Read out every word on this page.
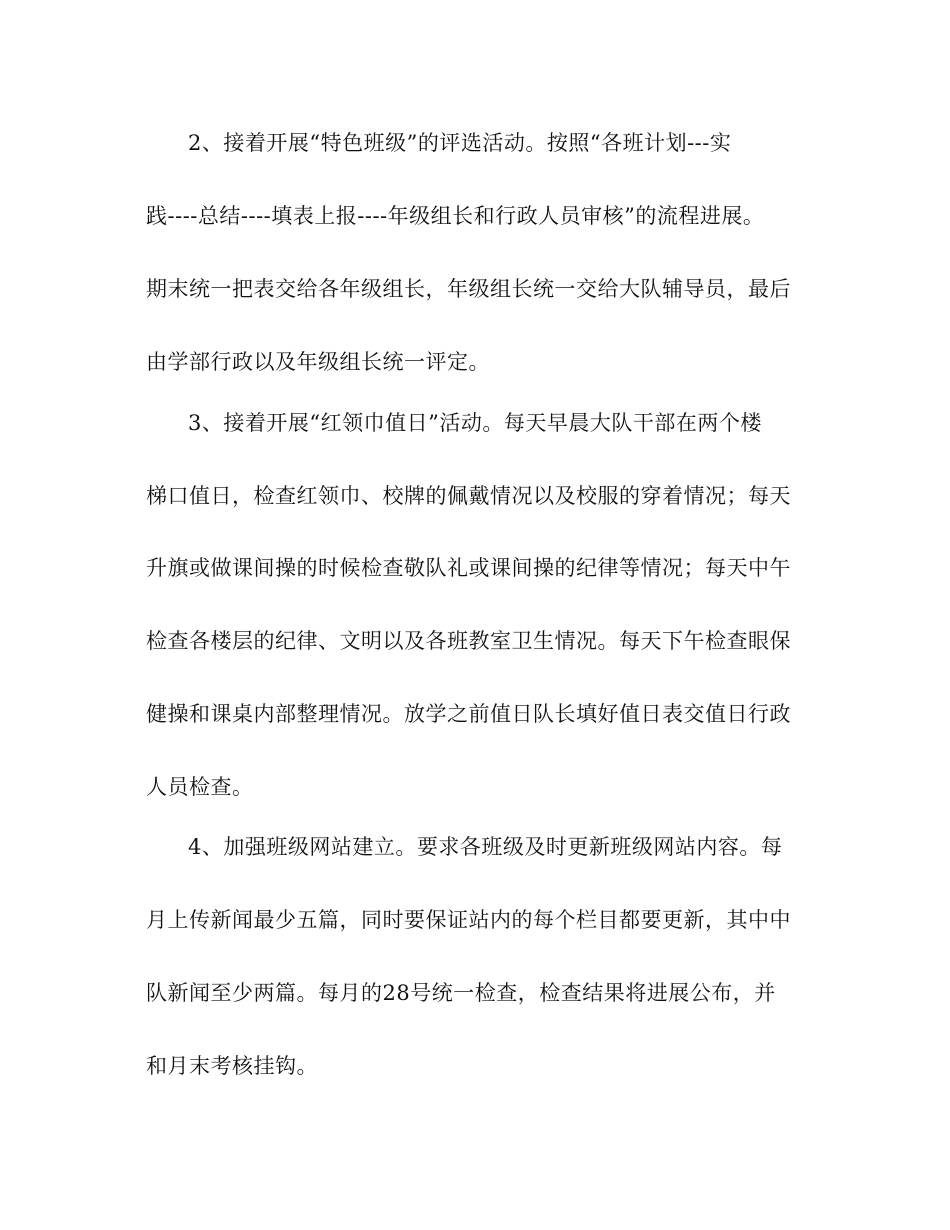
2、接着开展“特色班级”的评选活动。按照“各班计划---实
践----总结----填表上报----年级组长和行政人员审核”的流程进展。
期末统一把表交给各年级组长，年级组长统一交给大队辅导员，最后
由学部行政以及年级组长统一评定。
3、接着开展“红领巾值日”活动。每天早晨大队干部在两个楼
梯口值日，检查红领巾、校牌的佩戴情况以及校服的穿着情况；每天
升旗或做课间操的时候检查敬队礼或课间操的纪律等情况；每天中午
检查各楼层的纪律、文明以及各班教室卫生情况。每天下午检查眼保
健操和课桌内部整理情况。放学之前值日队长填好值日表交值日行政
人员检查。
4、加强班级网站建立。要求各班级及时更新班级网站内容。每
月上传新闻最少五篇，同时要保证站内的每个栏目都要更新，其中中
队新闻至少两篇。每月的28号统一检查，检查结果将进展公布，并
和月末考核挂钩。
